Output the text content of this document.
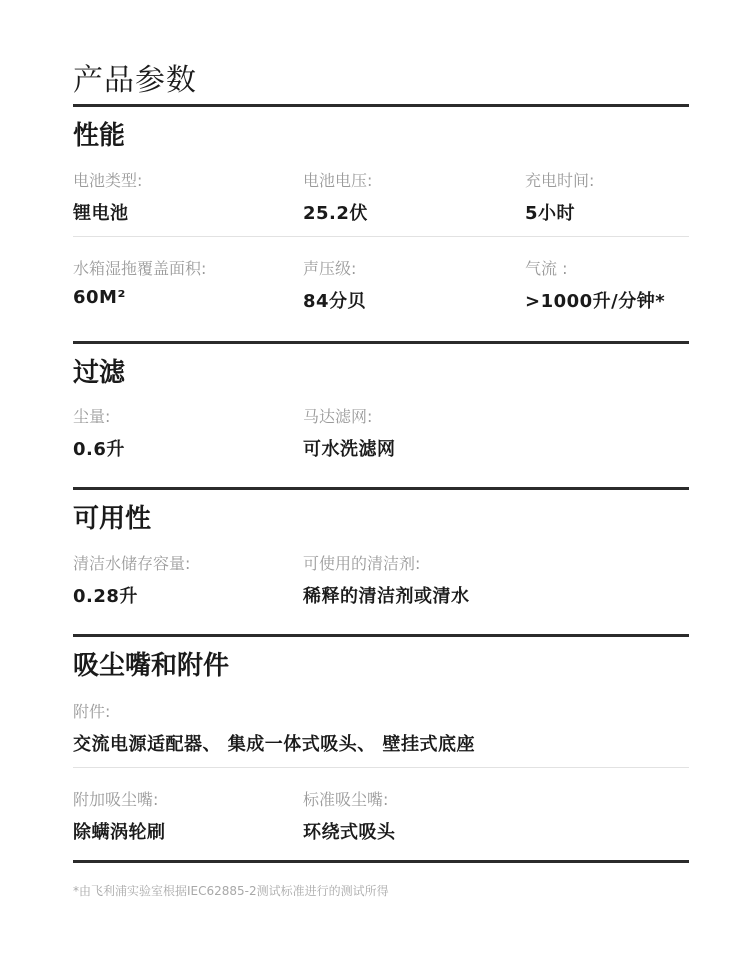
产品参数
性能
电池类型:
锂电池
电池电压:
25.2伏
充电时间:
5小时
水箱湿拖覆盖面积:
60M²
声压级:
84分贝
气流 :
>1000升/分钟*
过滤
尘量:
0.6升
马达滤网:
可水洗滤网
可用性
清洁水储存容量:
0.28升
可使用的清洁剂:
稀释的清洁剂或清水
吸尘嘴和附件
附件:
交流电源适配器、 集成一体式吸头、 壁挂式底座
附加吸尘嘴:
除螨涡轮刷
标准吸尘嘴:
环绕式吸头
*由飞利浦实验室根据IEC62885-2测试标准进行的测试所得
